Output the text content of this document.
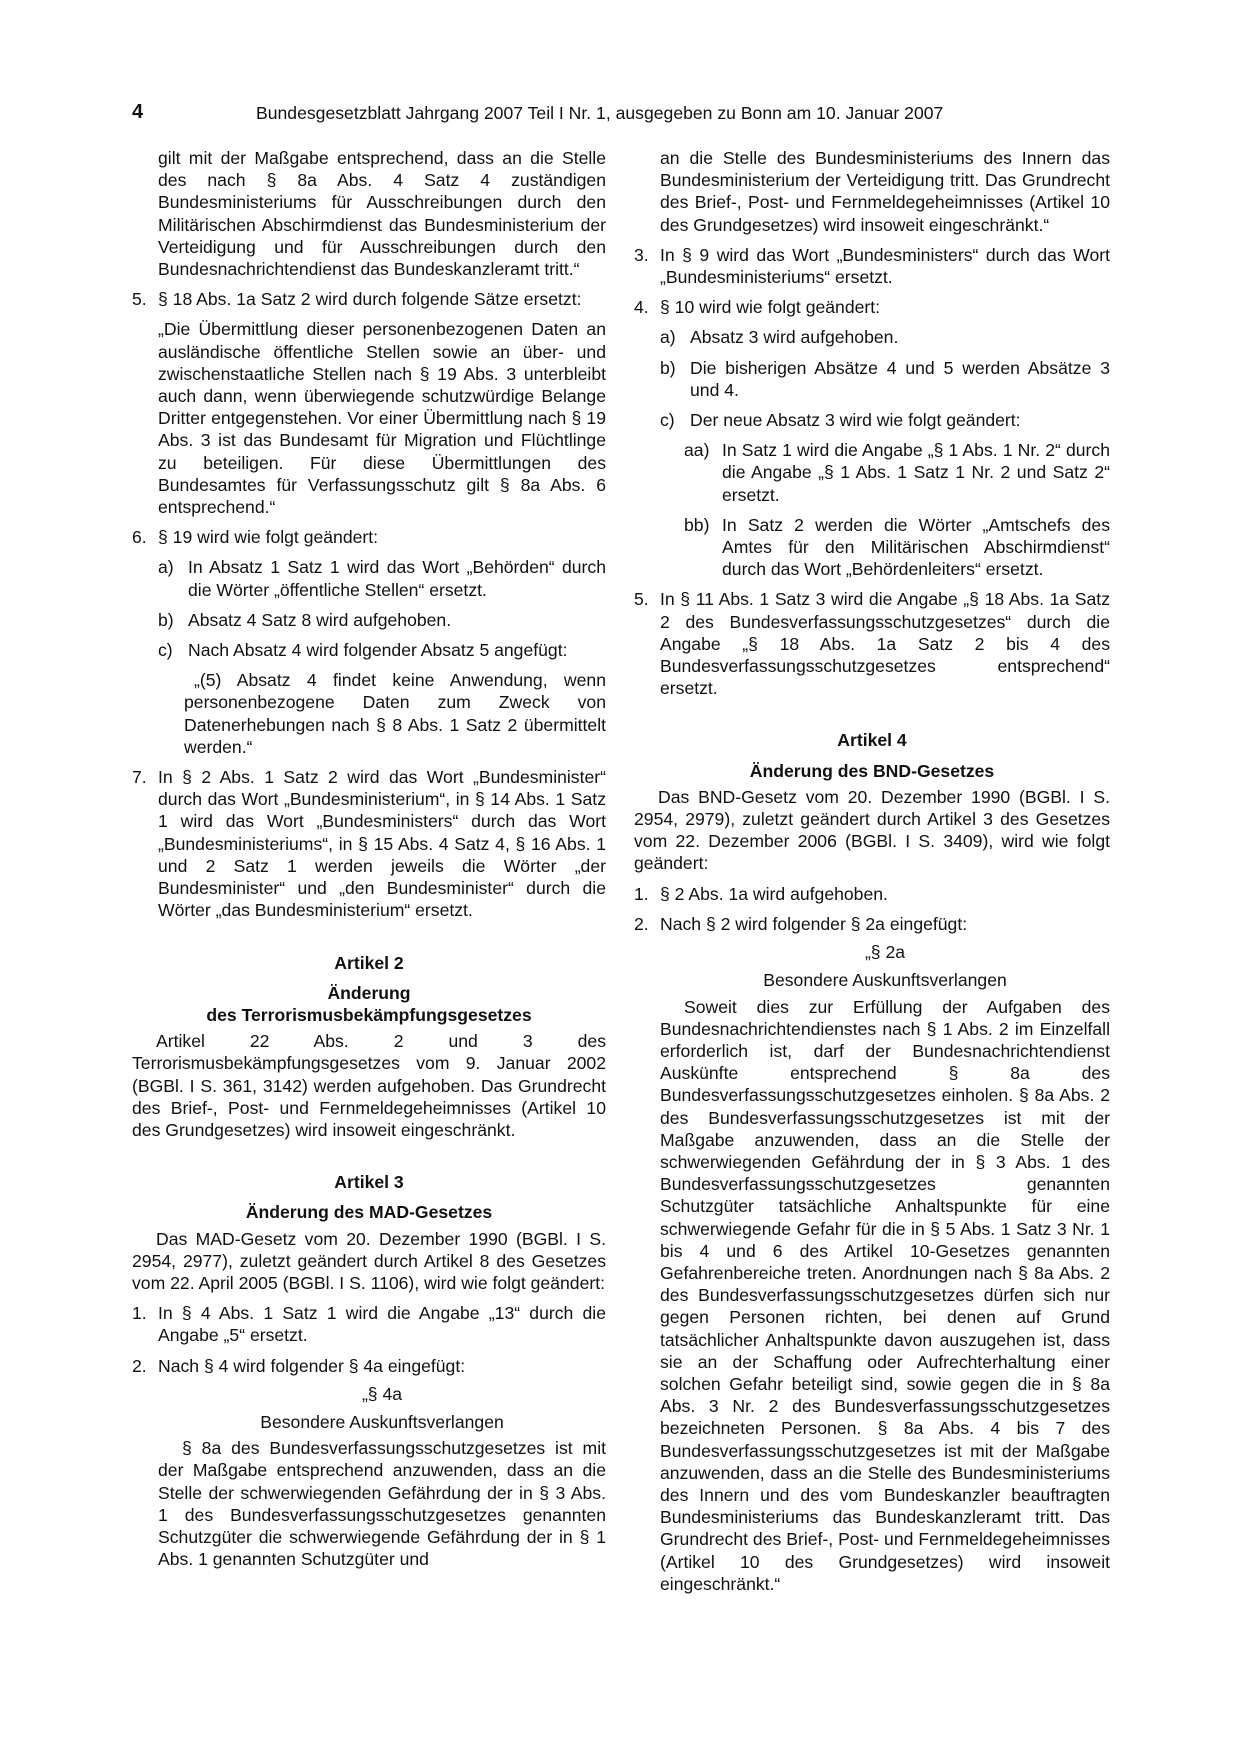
4	Bundesgesetzblatt Jahrgang 2007 Teil I Nr. 1, ausgegeben zu Bonn am 10. Januar 2007

gilt mit der Maßgabe entsprechend, dass an die Stelle des nach § 8a Abs. 4 Satz 4 zuständigen Bundesministeriums für Ausschreibungen durch den Militärischen Abschirmdienst das Bundesministerium der Verteidigung und für Ausschreibungen durch den Bundesnachrichtendienst das Bundeskanzleramt tritt.“

5. § 18 Abs. 1a Satz 2 wird durch folgende Sätze ersetzt:

„Die Übermittlung dieser personenbezogenen Daten an ausländische öffentliche Stellen sowie an über- und zwischenstaatliche Stellen nach § 19 Abs. 3 unterbleibt auch dann, wenn überwiegende schutzwürdige Belange Dritter entgegenstehen. Vor einer Übermittlung nach § 19 Abs. 3 ist das Bundesamt für Migration und Flüchtlinge zu beteiligen. Für diese Übermittlungen des Bundesamtes für Verfassungsschutz gilt § 8a Abs. 6 entsprechend.“

6. § 19 wird wie folgt geändert:

a) In Absatz 1 Satz 1 wird das Wort „Behörden“ durch die Wörter „öffentliche Stellen“ ersetzt.

b) Absatz 4 Satz 8 wird aufgehoben.

c) Nach Absatz 4 wird folgender Absatz 5 angefügt:

„(5) Absatz 4 findet keine Anwendung, wenn personenbezogene Daten zum Zweck von Datenerhebungen nach § 8 Abs. 1 Satz 2 übermittelt werden.“

7. In § 2 Abs. 1 Satz 2 wird das Wort „Bundesminister“ durch das Wort „Bundesministerium“, in § 14 Abs. 1 Satz 1 wird das Wort „Bundesministers“ durch das Wort „Bundesministeriums“, in § 15 Abs. 4 Satz 4, § 16 Abs. 1 und 2 Satz 1 werden jeweils die Wörter „der Bundesminister“ und „den Bundesminister“ durch die Wörter „das Bundesministerium“ ersetzt.

Artikel 2

Änderung

des Terrorismusbekämpfungsgesetzes

Artikel 22 Abs. 2 und 3 des Terrorismusbekämpfungsgesetzes vom 9. Januar 2002 (BGBl. I S. 361, 3142) werden aufgehoben. Das Grundrecht des Brief-, Post- und Fernmeldegeheimnisses (Artikel 10 des Grundgesetzes) wird insoweit eingeschränkt.

Artikel 3

Änderung des MAD-Gesetzes

Das MAD-Gesetz vom 20. Dezember 1990 (BGBl. I S. 2954, 2977), zuletzt geändert durch Artikel 8 des Gesetzes vom 22. April 2005 (BGBl. I S. 1106), wird wie folgt geändert:

1. In § 4 Abs. 1 Satz 1 wird die Angabe „13“ durch die Angabe „5“ ersetzt.

2. Nach § 4 wird folgender § 4a eingefügt:

„§ 4a

Besondere Auskunftsverlangen

§ 8a des Bundesverfassungsschutzgesetzes ist mit der Maßgabe entsprechend anzuwenden, dass an die Stelle der schwerwiegenden Gefährdung der in § 3 Abs. 1 des Bundesverfassungsschutzgesetzes genannten Schutzgüter die schwerwiegende Gefährdung der in § 1 Abs. 1 genannten Schutzgüter und

an die Stelle des Bundesministeriums des Innern das Bundesministerium der Verteidigung tritt. Das Grundrecht des Brief-, Post- und Fernmeldegeheimnisses (Artikel 10 des Grundgesetzes) wird insoweit eingeschränkt.“

3. In § 9 wird das Wort „Bundesministers“ durch das Wort „Bundesministeriums“ ersetzt.

4. § 10 wird wie folgt geändert:

a) Absatz 3 wird aufgehoben.

b) Die bisherigen Absätze 4 und 5 werden Absätze 3 und 4.

c) Der neue Absatz 3 wird wie folgt geändert:

aa) In Satz 1 wird die Angabe „§ 1 Abs. 1 Nr. 2“ durch die Angabe „§ 1 Abs. 1 Satz 1 Nr. 2 und Satz 2“ ersetzt.

bb) In Satz 2 werden die Wörter „Amtschefs des Amtes für den Militärischen Abschirmdienst“ durch das Wort „Behördenleiters“ ersetzt.

5. In § 11 Abs. 1 Satz 3 wird die Angabe „§ 18 Abs. 1a Satz 2 des Bundesverfassungsschutzgesetzes“ durch die Angabe „§ 18 Abs. 1a Satz 2 bis 4 des Bundesverfassungsschutzgesetzes entsprechend“ ersetzt.

Artikel 4

Änderung des BND-Gesetzes

Das BND-Gesetz vom 20. Dezember 1990 (BGBl. I S. 2954, 2979), zuletzt geändert durch Artikel 3 des Gesetzes vom 22. Dezember 2006 (BGBl. I S. 3409), wird wie folgt geändert:

1. § 2 Abs. 1a wird aufgehoben.

2. Nach § 2 wird folgender § 2a eingefügt:

„§ 2a

Besondere Auskunftsverlangen

Soweit dies zur Erfüllung der Aufgaben des Bundesnachrichtendienstes nach § 1 Abs. 2 im Einzelfall erforderlich ist, darf der Bundesnachrichtendienst Auskünfte entsprechend § 8a des Bundesverfassungsschutzgesetzes einholen. § 8a Abs. 2 des Bundesverfassungsschutzgesetzes ist mit der Maßgabe anzuwenden, dass an die Stelle der schwerwiegenden Gefährdung der in § 3 Abs. 1 des Bundesverfassungsschutzgesetzes genannten Schutzgüter tatsächliche Anhaltspunkte für eine schwerwiegende Gefahr für die in § 5 Abs. 1 Satz 3 Nr. 1 bis 4 und 6 des Artikel 10-Gesetzes genannten Gefahrenbereiche treten. Anordnungen nach § 8a Abs. 2 des Bundesverfassungsschutzgesetzes dürfen sich nur gegen Personen richten, bei denen auf Grund tatsächlicher Anhaltspunkte davon auszugehen ist, dass sie an der Schaffung oder Aufrechterhaltung einer solchen Gefahr beteiligt sind, sowie gegen die in § 8a Abs. 3 Nr. 2 des Bundesverfassungsschutzgesetzes bezeichneten Personen. § 8a Abs. 4 bis 7 des Bundesverfassungsschutzgesetzes ist mit der Maßgabe anzuwenden, dass an die Stelle des Bundesministeriums des Innern und des vom Bundeskanzler beauftragten Bundesministeriums das Bundeskanzleramt tritt. Das Grundrecht des Brief-, Post- und Fernmeldegeheimnisses (Artikel 10 des Grundgesetzes) wird insoweit eingeschränkt.“
